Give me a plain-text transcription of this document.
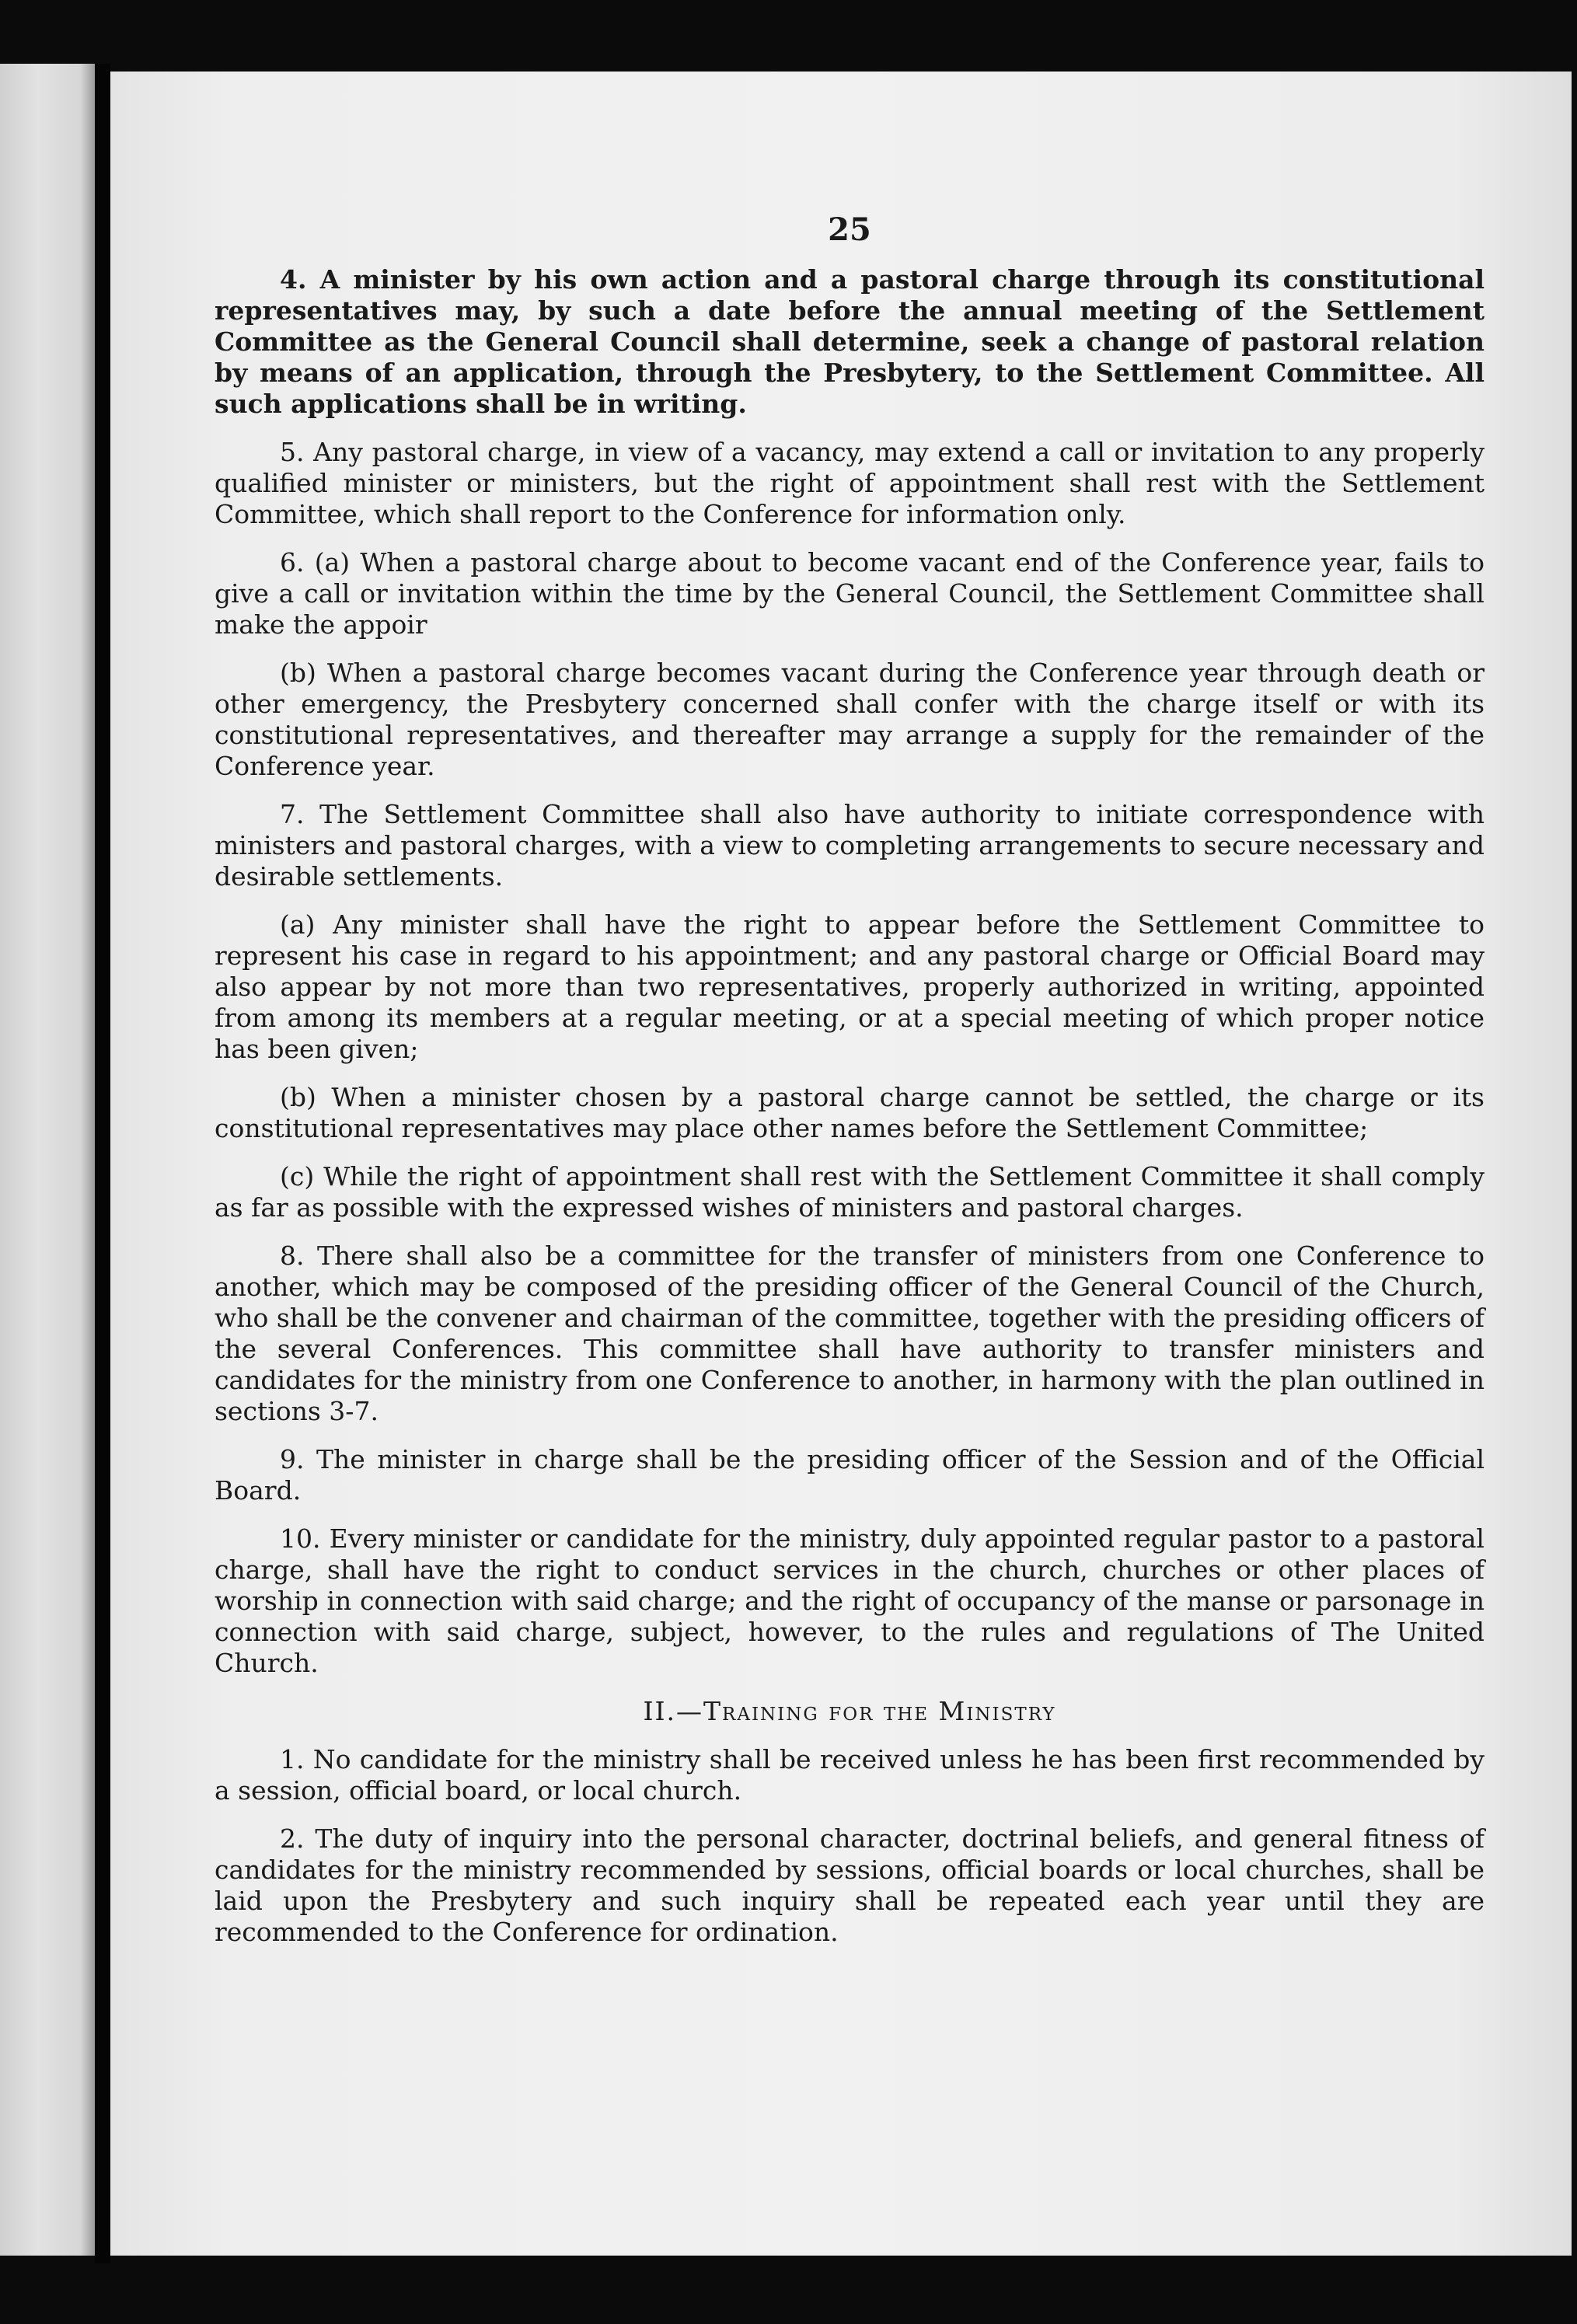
25

4. A minister by his own action and a pastoral charge through its constitutional representatives may, by such a date before the annual meeting of the Settlement Committee as the General Council shall determine, seek a change of pastoral relation by means of an application, through the Presbytery, to the Settlement Committee. All such applications shall be in writing.

5. Any pastoral charge, in view of a vacancy, may extend a call or invitation to any properly qualified minister or ministers, but the right of appointment shall rest with the Settlement Committee, which shall report to the Conference for information only.

6. (a) When a pastoral charge about to become vacant end of the Conference year, fails to give a call or invitation within the time by the General Council, the Settlement Committee shall make the appoir

(b) When a pastoral charge becomes vacant during the Conference year through death or other emergency, the Presbytery concerned shall confer with the charge itself or with its constitutional representatives, and thereafter may arrange a supply for the remainder of the Conference year.

7. The Settlement Committee shall also have authority to initiate correspondence with ministers and pastoral charges, with a view to completing arrangements to secure necessary and desirable settlements.

(a) Any minister shall have the right to appear before the Settlement Committee to represent his case in regard to his appointment; and any pastoral charge or Official Board may also appear by not more than two representatives, properly authorized in writing, appointed from among its members at a regular meeting, or at a special meeting of which proper notice has been given;

(b) When a minister chosen by a pastoral charge cannot be settled, the charge or its constitutional representatives may place other names before the Settlement Committee;

(c) While the right of appointment shall rest with the Settlement Committee it shall comply as far as possible with the expressed wishes of ministers and pastoral charges.

8. There shall also be a committee for the transfer of ministers from one Conference to another, which may be composed of the presiding officer of the General Council of the Church, who shall be the convener and chairman of the committee, together with the presiding officers of the several Conferences. This committee shall have authority to transfer ministers and candidates for the ministry from one Conference to another, in harmony with the plan outlined in sections 3-7.

9. The minister in charge shall be the presiding officer of the Session and of the Official Board.

10. Every minister or candidate for the ministry, duly appointed regular pastor to a pastoral charge, shall have the right to conduct services in the church, churches or other places of worship in connection with said charge; and the right of occupancy of the manse or parsonage in connection with said charge, subject, however, to the rules and regulations of The United Church.

II.—Training for the Ministry

1. No candidate for the ministry shall be received unless he has been first recommended by a session, official board, or local church.

2. The duty of inquiry into the personal character, doctrinal beliefs, and general fitness of candidates for the ministry recommended by sessions, official boards or local churches, shall be laid upon the Presbytery and such inquiry shall be repeated each year until they are recommended to the Conference for ordination.
